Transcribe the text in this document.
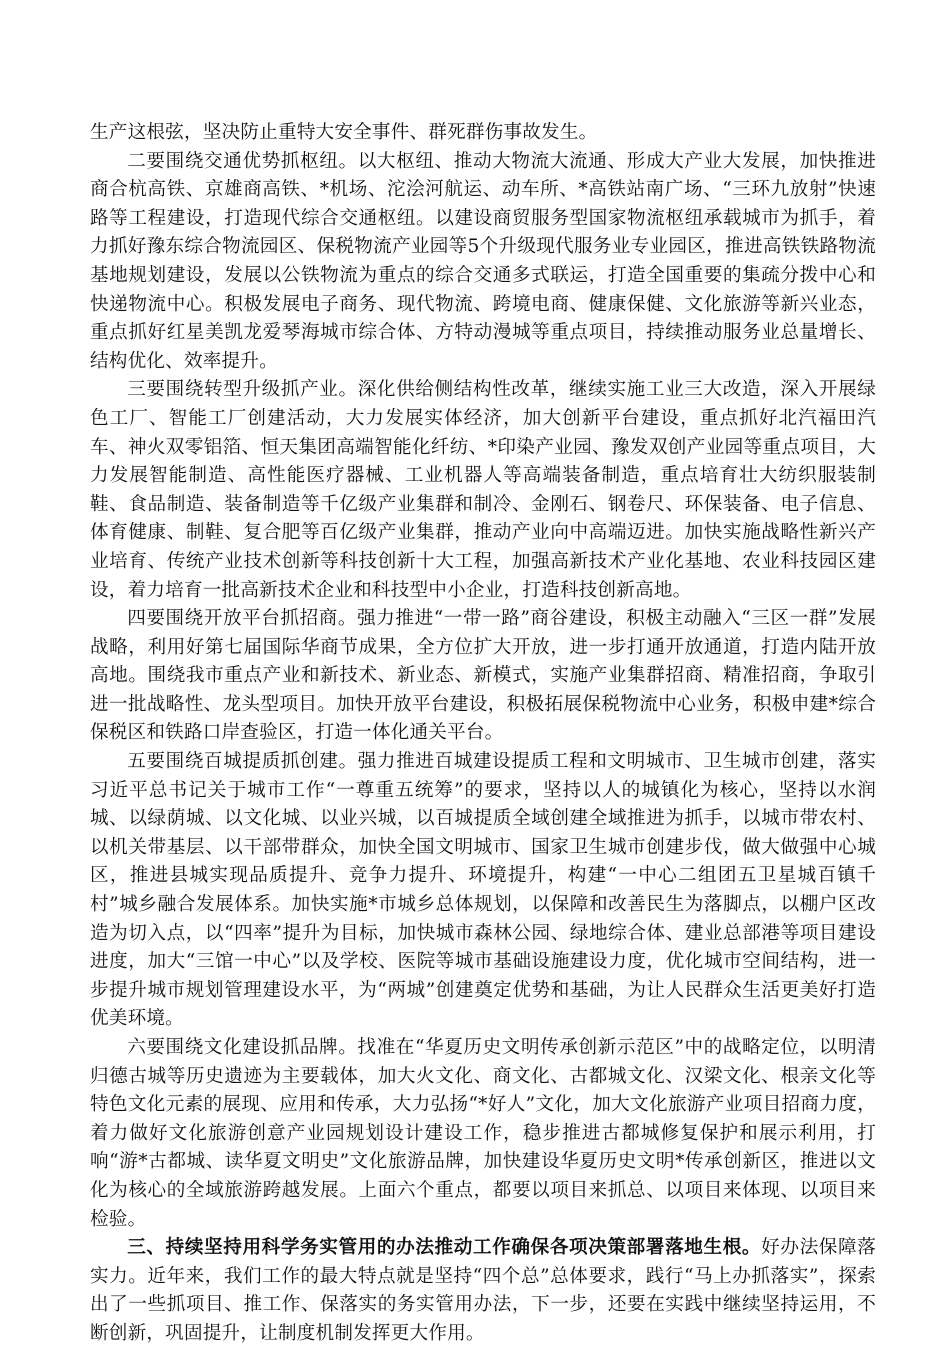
生产这根弦，坚决防止重特大安全事件、群死群伤事故发生。

二要围绕交通优势抓枢纽。以大枢纽、推动大物流大流通、形成大产业大发展，加快推进商合杭高铁、京雄商高铁、*机场、沱浍河航运、动车所、*高铁站南广场、“三环九放射”快速路等工程建设，打造现代综合交通枢纽。以建设商贸服务型国家物流枢纽承载城市为抓手，着力抓好豫东综合物流园区、保税物流产业园等5个升级现代服务业专业园区，推进高铁铁路物流基地规划建设，发展以公铁物流为重点的综合交通多式联运，打造全国重要的集疏分拨中心和快递物流中心。积极发展电子商务、现代物流、跨境电商、健康保健、文化旅游等新兴业态，重点抓好红星美凯龙爱琴海城市综合体、方特动漫城等重点项目，持续推动服务业总量增长、结构优化、效率提升。

三要围绕转型升级抓产业。深化供给侧结构性改革，继续实施工业三大改造，深入开展绿色工厂、智能工厂创建活动，大力发展实体经济，加大创新平台建设，重点抓好北汽福田汽车、神火双零铝箔、恒天集团高端智能化纤纺、*印染产业园、豫发双创产业园等重点项目，大力发展智能制造、高性能医疗器械、工业机器人等高端装备制造，重点培育壮大纺织服装制鞋、食品制造、装备制造等千亿级产业集群和制冷、金刚石、钢卷尺、环保装备、电子信息、体育健康、制鞋、复合肥等百亿级产业集群，推动产业向中高端迈进。加快实施战略性新兴产业培育、传统产业技术创新等科技创新十大工程，加强高新技术产业化基地、农业科技园区建设，着力培育一批高新技术企业和科技型中小企业，打造科技创新高地。

四要围绕开放平台抓招商。强力推进“一带一路”商谷建设，积极主动融入“三区一群”发展战略，利用好第七届国际华商节成果，全方位扩大开放，进一步打通开放通道，打造内陆开放高地。围绕我市重点产业和新技术、新业态、新模式，实施产业集群招商、精准招商，争取引进一批战略性、龙头型项目。加快开放平台建设，积极拓展保税物流中心业务，积极申建*综合保税区和铁路口岸查验区，打造一体化通关平台。

五要围绕百城提质抓创建。强力推进百城建设提质工程和文明城市、卫生城市创建，落实习近平总书记关于城市工作“一尊重五统筹”的要求，坚持以人的城镇化为核心，坚持以水润城、以绿荫城、以文化城、以业兴城，以百城提质全域创建全域推进为抓手，以城市带农村、以机关带基层、以干部带群众，加快全国文明城市、国家卫生城市创建步伐，做大做强中心城区，推进县城实现品质提升、竞争力提升、环境提升，构建“一中心二组团五卫星城百镇千村”城乡融合发展体系。加快实施*市城乡总体规划，以保障和改善民生为落脚点，以棚户区改造为切入点，以“四率”提升为目标，加快城市森林公园、绿地综合体、建业总部港等项目建设进度，加大“三馆一中心”以及学校、医院等城市基础设施建设力度，优化城市空间结构，进一步提升城市规划管理建设水平，为“两城”创建奠定优势和基础，为让人民群众生活更美好打造优美环境。

六要围绕文化建设抓品牌。找准在“华夏历史文明传承创新示范区”中的战略定位，以明清归德古城等历史遗迹为主要载体，加大火文化、商文化、古都城文化、汉梁文化、根亲文化等特色文化元素的展现、应用和传承，大力弘扬“*好人”文化，加大文化旅游产业项目招商力度，着力做好文化旅游创意产业园规划设计建设工作，稳步推进古都城修复保护和展示利用，打响“游*古都城、读华夏文明史”文化旅游品牌，加快建设华夏历史文明*传承创新区，推进以文化为核心的全域旅游跨越发展。上面六个重点，都要以项目来抓总、以项目来体现、以项目来检验。

三、持续坚持用科学务实管用的办法推动工作确保各项决策部署落地生根。好办法保障落实力。近年来，我们工作的最大特点就是坚持“四个总”总体要求，践行“马上办抓落实”，探索出了一些抓项目、推工作、保落实的务实管用办法，下一步，还要在实践中继续坚持运用，不断创新，巩固提升，让制度机制发挥更大作用。
